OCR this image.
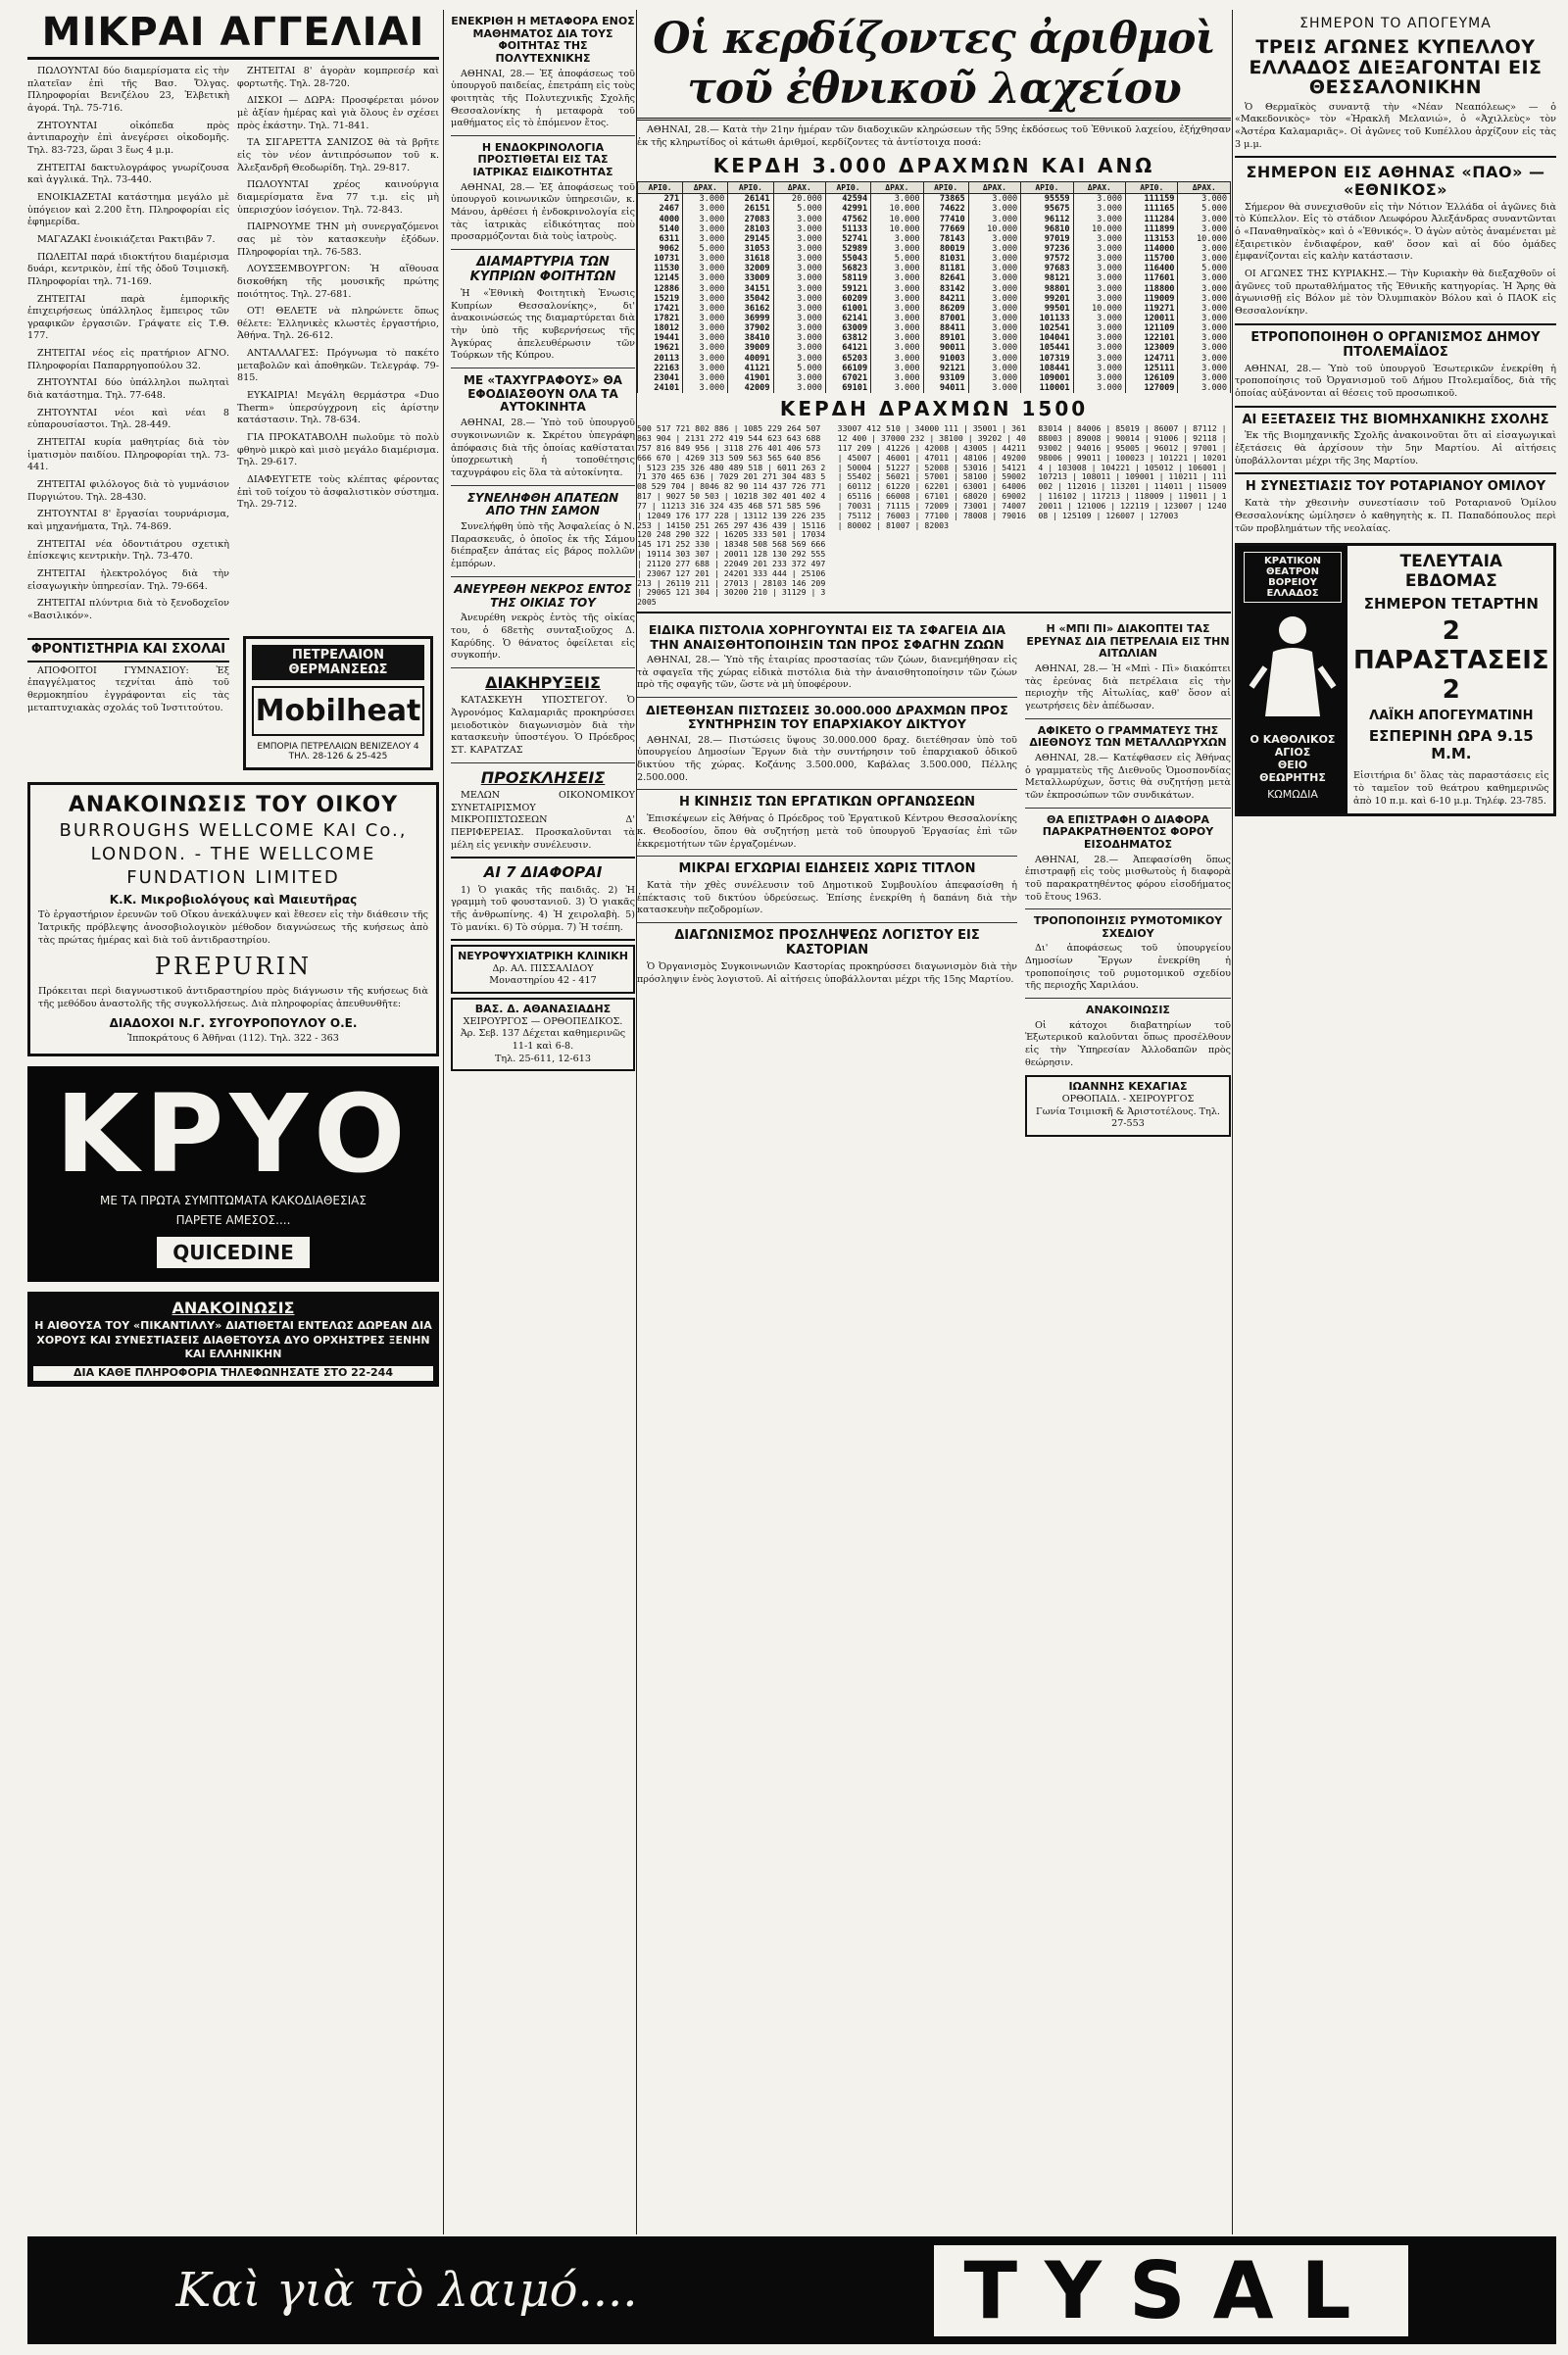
ΜΙΚΡΑΙ ΑΓΓΕΛΙΑΙ
ΠΩΛΟΥΝΤΑΙ δύο διαμερίσματα εἰς τὴν πλατεῖαν ἐπὶ τῆς Βασ. Ὄλγας. Πληροφορίαι Βενιζέλου 23, Ἑλβετικὴ ἀγορά. Τηλ. 75-716.
ΖΗΤΟΥΝΤΑΙ οἰκόπεδα πρὸς ἀντιπαροχὴν ἐπὶ ἀνεγέρσει οἰκοδομῆς. Τηλ. 83-723, ὥραι 3 ἕως 4 μ.μ.
ΖΗΤΕΙΤΑΙ δακτυλογράφος γνωρίζουσα καὶ ἀγγλικά. Τηλ. 73-440.
ΕΝΟΙΚΙΑΖΕΤΑΙ κατάστημα μεγάλο μὲ ὑπόγειον καὶ 2.200 ἔτη. Πληροφορίαι εἰς ἐφημερίδα.
ΜΑΓΑΖΑΚΙ ἐνοικιάζεται Ρακτιβᾶν 7.
ΠΩΛΕΙΤΑΙ παρά ιδιοκτήτου διαμέρισμα δυάρι, κεντρικὸν, ἐπί τῆς ὁδοῦ Τσιμισκῆ. Πληροφορίαι τηλ. 71-169.
ΖΗΤΕΙΤΑΙ παρὰ ἐμπορικῆς ἐπιχειρήσεως ὑπάλληλος ἔμπειρος τῶν γραφικῶν ἐργασιῶν. Γράψατε εἰς Τ.Θ. 177.
ΖΗΤΕΙΤΑΙ νέος εἰς πρατήριον ΑΓΝΟ. Πληροφορίαι Παπαρρηγοπούλου 32.
ΖΗΤΟΥΝΤΑΙ δύο ὑπάλληλοι πωληταὶ διὰ κατάστημα. Τηλ. 77-648.
ΖΗΤΟΥΝΤΑΙ νέοι καὶ νέαι 8 εὐπαρουσίαστοι. Τηλ. 28-449.
ΖΗΤΕΙΤΑΙ κυρία μαθητρίας διὰ τὸν ἱματισμὸν παιδίου. Πληροφορίαι τηλ. 73-441.
ΖΗΤΕΙΤΑΙ φιλόλογος διὰ τὸ γυμνάσιον Πυργιώτου. Τηλ. 28-430.
ΖΗΤΟΥΝΤΑΙ 8' ἔργασίαι τουρνάρισμα, καὶ μηχανήματα, Τηλ. 74-869.
ΖΗΤΕΙΤΑΙ νέα ὁδοντιάτρου σχετικὴ ἐπίσκεψις κεντρικὴν. Τηλ. 73-470.
ΖΗΤΕΙΤΑΙ ἠλεκτρολόγος διὰ τὴν εἰσαγωγικὴν ὑπηρεσίαν. Τηλ. 79-664.
ΖΗΤΕΙΤΑΙ πλύντρια διὰ τὸ ξενοδοχεῖον «Βασιλικόν».
ΖΗΤΕΙΤΑΙ 8' ἀγορὰν κομπρεσέρ καὶ φορτωτῆς. Τηλ. 28-720.
ΔΙΣΚΟΙ — ΔΩΡΑ: Προσφέρεται μόνον μὲ ἀξίαν ἡμέρας καὶ γιὰ ὅλους ἐν σχέσει πρὸς ἑκάστην. Τηλ. 71-841.
ΤΑ ΣΙΓΑΡΕΤΤΑ ΣΑΝΙΖΟΣ θὰ τὰ βρῆτε εἰς τὸν νέον ἀντιπρόσωπον τοῦ κ. Ἀλεξανδρῆ Θεοδωρίδη. Τηλ. 29-817.
ΠΩΛΟΥΝΤΑΙ χρέος καινούργια διαμερίσματα ἕνα 77 τ.μ. εἰς μὴ ὑπερισχύον ἰσόγειον. Τηλ. 72-843.
ΠΑΙΡΝΟΥΜΕ ΤΗΝ μὴ συνεργαζόμενοι σας μὲ τὸν κατασκευὴν ἐξόδων. Πληροφορίαι τηλ. 76-583.
ΛΟΥΣΞΕΜΒΟΥΡΓΟΝ: Ἡ αἴθουσα δισκοθήκη τῆς μουσικῆς πρώτης ποιότητος. Τηλ. 27-681.
ΟΤ! ΘΕΛΕΤΕ νὰ πληρώνετε ὅπως θέλετε: Ἑλληνικὲς κλωστὲς ἐργαστήριο, Ἀθήνα. Τηλ. 26-612.
ΑΝΤΑΛΛΑΓΕΣ: Πρόγνωμα τὸ πακέτο μεταβολῶν καὶ ἀποθηκῶν. Τελεγράφ. 79-815.
ΕΥΚΑΙΡΙΑ! Μεγάλη θερμάστρα «Duo Therm» ὑπερσύγχρονη εἰς ἀρίστην κατάστασιν. Τηλ. 78-634.
ΓΙΑ ΠΡΟΚΑΤΑΒΟΛΗ πωλοῦμε τὸ πολὺ φθηνὸ μικρὸ καὶ μισὸ μεγάλο διαμέρισμα. Τηλ. 29-617.
ΔΙΑΦΕΥΓΕΤΕ τοὺς κλέπτας φέροντας ἐπὶ τοῦ τοίχου τὸ ἀσφαλιστικὸν σύστημα. Τηλ. 29-712.
ΦΡΟΝΤΙΣΤΗΡΙΑ ΚΑΙ ΣΧΟΛΑΙ
ΑΠΟΦΟΙΤΟΙ ΓΥΜΝΑΣΙΟΥ: Ἐξ ἐπαγγέλματος τεχνίται ἀπὸ τοῦ θερμοκηπίου ἐγγράφονται εἰς τὰς μεταπτυχιακὰς σχολάς τοῦ Ἱνστιτούτου.
ΠΕΤΡΕΛΑΙΟΝ ΘΕΡΜΑΝΣΕΩΣ
Mobilheat
ΕΜΠΟΡΙΑ ΠΕΤΡΕΛΑΙΩΝ ΒΕΝΙΖΕΛΟΥ 4 ΤΗΛ. 28-126 & 25-425
ΑΝΑΚΟΙΝΩΣΙΣ ΤΟΥ ΟΙΚΟΥ
BURROUGHS WELLCOME ΚΑΙ Co.,
LONDON. - THE WELLCOME
FUNDATION LIMITED
Κ.Κ. Μικροβιολόγους καὶ Μαιευτῆρας
Τὸ ἐργαστήριον ἐρευνῶν τοῦ Οἴκου ἀνεκάλυψεν καὶ ἔθεσεν εἰς τὴν διάθεσιν τῆς Ἰατρικῆς πρόβλεψης ἀνοσοβιολογικὸν μέθοδον διαγνώσεως τῆς κυήσεως ἀπὸ τὰς πρώτας ἡμέρας καὶ διὰ τοῦ ἀντιδραστηρίου.
PREPURIN
Πρόκειται περὶ διαγνωστικοῦ ἀντιδραστηρίου πρὸς διάγνωσιν τῆς κυήσεως διὰ τῆς μεθόδου ἀναστολῆς τῆς συγκολλήσεως. Διὰ πληροφορίας ἀπευθυνθῆτε:
ΔΙΑΔΟΧΟΙ Ν.Γ. ΣΥΓΟΥΡΟΠΟΥΛΟΥ Ο.Ε.
Ἱπποκράτους 6 Ἀθῆναι (112). Τηλ. 322 - 363
ΚΡΥΟ
ΜΕ ΤΑ ΠΡΩΤΑ ΣΥΜΠΤΩΜΑΤΑ ΚΑΚΟΔΙΑΘΕΣΙΑΣ
ΠΑΡΕΤΕ ΑΜΕΣΟΣ....
QUICEDINE
ΑΝΑΚΟΙΝΩΣΙΣ
Η ΑΙΘΟΥΣΑ ΤΟΥ «ΠΙΚΑΝΤΙΛΛΥ» ΔΙΑΤΙΘΕΤΑΙ ΕΝΤΕΛΩΣ ΔΩΡΕΑΝ ΔΙΑ ΧΟΡΟΥΣ ΚΑΙ ΣΥΝΕΣΤΙΑΣΕΙΣ ΔΙΑΘΕΤΟΥΣΑ ΔΥΟ ΟΡΧΗΣΤΡΕΣ ΞΕΝΗΝ ΚΑΙ ΕΛΛΗΝΙΚΗΝ
ΔΙΑ ΚΑΘΕ ΠΛΗΡΟΦΟΡΙΑ ΤΗΛΕΦΩΝΗΣΑΤΕ ΣΤΟ 22-244
ΕΝΕΚΡΙΘΗ Η ΜΕΤΑΦΟΡΑ ΕΝΟΣ ΜΑΘΗΜΑΤΟΣ ΔΙΑ ΤΟΥΣ ΦΟΙΤΗΤΑΣ ΤΗΣ ΠΟΛΥΤΕΧΝΙΚΗΣ
ΑΘΗΝΑΙ, 28.— Ἐξ ἀποφάσεως τοῦ ὑπουργοῦ παιδείας, ἐπετράπη εἰς τοὺς φοιτητὰς τῆς Πολυτεχνικῆς Σχολῆς Θεσσαλονίκης ἡ μεταφορὰ τοῦ μαθήματος εἰς τὸ ἑπόμενον ἔτος.
Η ΕΝΔΟΚΡΙΝΟΛΟΓΙΑ ΠΡΟΣΤΙΘΕΤΑΙ ΕΙΣ ΤΑΣ ΙΑΤΡΙΚΑΣ ΕΙΔΙΚΟΤΗΤΑΣ
ΑΘΗΝΑΙ, 28.— Ἐξ ἀποφάσεως τοῦ ὑπουργοῦ κοινωνικῶν ὑπηρεσιῶν, κ. Μάνου, ἀρθέσει ἡ ἐνδοκρινολογία εἰς τὰς ἰατρικὰς εἰδικότητας ποὺ προσαρμόζονται διὰ τοὺς ἰατροὺς.
ΔΙΑΜΑΡΤΥΡΙΑ ΤΩΝ ΚΥΠΡΙΩΝ ΦΟΙΤΗΤΩΝ
Ἡ «Ἐθνικὴ Φοιτητικὴ Ἑνωσις Κυπρίων Θεσσαλονίκης», δι' ἀνακοινώσεώς της διαμαρτύρεται διὰ τὴν ὑπὸ τῆς κυβερνήσεως τῆς Ἀγκύρας ἀπελευθέρωσιν τῶν Τούρκων τῆς Κύπρου.
ΜΕ «ΤΑΧΥΓΡΑΦΟΥΣ» ΘΑ ΕΦΟΔΙΑΣΘΟΥΝ ΟΛΑ ΤΑ ΑΥΤΟΚΙΝΗΤΑ
ΑΘΗΝΑΙ, 28.— Ὑπὸ τοῦ ὑπουργοῦ συγκοινωνιῶν κ. Σκρέτου ὑπεγράφη ἀπόφασις διὰ τῆς ὁποίας καθίσταται ὑποχρεωτικὴ ἡ τοποθέτησις ταχυγράφου εἰς ὅλα τὰ αὐτοκίνητα.
ΣΥΝΕΛΗΦΘΗ ΑΠΑΤΕΩΝ ΑΠΟ ΤΗΝ ΣΑΜΟΝ
Συνελήφθη ὑπὸ τῆς Ἀσφαλείας ὁ Ν. Παρασκευᾶς, ὁ ὁποῖος ἐκ τῆς Σάμου διέπραξεν ἀπάτας εἰς βάρος πολλῶν ἐμπόρων.
ΑΝΕΥΡΕΘΗ ΝΕΚΡΟΣ ΕΝΤΟΣ ΤΗΣ ΟΙΚΙΑΣ ΤΟΥ
Ἀνευρέθη νεκρὸς ἐντὸς τῆς οἰκίας του, ὁ 68ετὴς συνταξιοῦχος Δ. Καρύδης. Ὁ θάνατος ὀφείλεται εἰς συγκοπήν.
ΔΙΑΚΗΡΥΞΕΙΣ
ΚΑΤΑΣΚΕΥΗ ΥΠΟΣΤΕΓΟΥ. Ὁ Ἀγρονόμος Καλαμαριᾶς προκηρύσσει μειοδοτικὸν διαγωνισμὸν διὰ τὴν κατασκευὴν ὑποστέγου. Ὁ Πρόεδρος ΣΤ. ΚΑΡΑΤΖΑΣ
ΠΡΟΣΚΛΗΣΕΙΣ
ΜΕΛΩΝ ΟΙΚΟΝΟΜΙΚΟΥ ΣΥΝΕΤΑΙΡΙΣΜΟΥ ΜΙΚΡΟΠΙΣΤΩΣΕΩΝ Δ' ΠΕΡΙΦΕΡΕΙΑΣ. Προσκαλοῦνται τὰ μέλη εἰς γενικὴν συνέλευσιν.
ΑΙ 7 ΔΙΑΦΟΡΑΙ
1) Ὁ γιακᾶς τῆς παιδιᾶς. 2) Ἡ γραμμὴ τοῦ φουστανιοῦ. 3) Ὁ γιακᾶς τῆς ἀνθρωπίνης. 4) Ἡ χειρολαβὴ. 5) Τὸ μανίκι. 6) Τὸ σύρμα. 7) Ἡ τσέπη.
ΝΕΥΡΟΨΥΧΙΑΤΡΙΚΗ ΚΛΙΝΙΚΗ
Δρ. ΑΛ. ΠΙΣΣΑΛΙΔΟΥ
Μοναστηρίου 42 - 417
ΒΑΣ. Δ. ΑΘΑΝΑΣΙΑΔΗΣ
ΧΕΙΡΟΥΡΓΟΣ — ΟΡΘΟΠΕΔΙΚΟΣ. Ἀρ. Σεβ. 137 Δέχεται καθημερινῶς 11-1 καὶ 6-8.
Τηλ. 25-611, 12-613
Οἱ κερδίζοντες ἀριθμοὶ τοῦ ἐθνικοῦ λαχείου
ΑΘΗΝΑΙ, 28.— Κατὰ τὴν 21ην ἡμέραν τῶν διαδοχικῶν κληρώσεων τῆς 59ης ἐκδόσεως τοῦ Ἐθνικοῦ λαχείου, ἐξήχθησαν ἐκ τῆς κληρωτίδος οἱ κάτωθι ἀριθμοί, κερδίζοντες τὰ ἀντίστοιχα ποσά:
ΚΕΡΔΗ 3.000 ΔΡΑΧΜΩΝ ΚΑΙ ΑΝΩ
ΑΡΙΘ.	ΔΡΑΧ.	ΑΡΙΘ.	ΔΡΑΧ.	ΑΡΙΘ.	ΔΡΑΧ.	ΑΡΙΘ.	ΔΡΑΧ.	ΑΡΙΘ.	ΔΡΑΧ.	ΑΡΙΘ.	ΔΡΑΧ.
271	3.000	26141	20.000	42594	3.000	73865	3.000	95559	3.000	111159	3.000
2467	3.000	26151	5.000	42991	10.000	74622	3.000	95675	3.000	111165	5.000
4000	3.000	27083	3.000	47562	10.000	77410	3.000	96112	3.000	111284	3.000
5140	3.000	28103	3.000	51133	10.000	77669	10.000	96810	10.000	111899	3.000
6311	3.000	29145	3.000	52741	3.000	78143	3.000	97019	3.000	113153	10.000
9062	5.000	31053	3.000	52989	3.000	80019	3.000	97236	3.000	114000	3.000
10731	3.000	31618	3.000	55043	5.000	81031	3.000	97572	3.000	115700	3.000
11530	3.000	32009	3.000	56823	3.000	81181	3.000	97683	3.000	116400	5.000
12145	3.000	33009	3.000	58119	3.000	82641	3.000	98121	3.000	117601	3.000
12886	3.000	34151	3.000	59121	3.000	83142	3.000	98801	3.000	118800	3.000
15219	3.000	35042	3.000	60209	3.000	84211	3.000	99201	3.000	119009	3.000
17421	3.000	36162	3.000	61001	3.000	86209	3.000	99501	10.000	119271	3.000
17821	3.000	36999	3.000	62141	3.000	87001	3.000	101133	3.000	120011	3.000
18012	3.000	37902	3.000	63009	3.000	88411	3.000	102541	3.000	121109	3.000
19441	3.000	38410	3.000	63812	3.000	89101	3.000	104041	3.000	122101	3.000
19621	3.000	39009	3.000	64121	3.000	90011	3.000	105441	3.000	123009	3.000
20113	3.000	40091	3.000	65203	3.000	91003	3.000	107319	3.000	124711	3.000
22163	3.000	41121	5.000	66109	3.000	92121	3.000	108441	3.000	125111	3.000
23041	3.000	41901	3.000	67021	3.000	93109	3.000	109001	3.000	126109	3.000
24101	3.000	42009	3.000	69101	3.000	94011	3.000	110001	3.000	127009	3.000
ΚΕΡΔΗ ΔΡΑΧΜΩΝ 1500
500 517 721 802 886 | 1085 229 264 507 863 904 | 2131 272 419 544 623 643 688 757 816 849 956 | 3118 276 401 406 573 666 670 | 4269 313 509 563 565 640 856 | 5123 235 326 480 489 518 | 6011 263 271 370 465 636 | 7029 201 271 304 483 508 529 704 | 8046 82 90 114 437 726 771 817 | 9027 50 503 | 10218 302 401 402 477 | 11213 316 324 435 468 571 585 596 | 12049 176 177 228 | 13112 139 226 235 253 | 14150 251 265 297 436 439 | 15116 120 248 290 322 | 16205 333 501 | 17034 145 171 252 330 | 18348 508 568 569 666 | 19114 303 307 | 20011 128 130 292 555 | 21120 277 688 | 22049 201 233 372 497 | 23067 127 201 | 24201 333 444 | 25106 213 | 26119 211 | 27013 | 28103 146 209 | 29065 121 304 | 30200 210 | 31129 | 32005
33007 412 510 | 34000 111 | 35001 | 36112 400 | 37000 232 | 38100 | 39202 | 40117 209 | 41226 | 42008 | 43005 | 44211 | 45007 | 46001 | 47011 | 48106 | 49200 | 50004 | 51227 | 52008 | 53016 | 54121 | 55402 | 56021 | 57001 | 58100 | 59002 | 60112 | 61220 | 62201 | 63001 | 64006 | 65116 | 66008 | 67101 | 68020 | 69002 | 70031 | 71115 | 72009 | 73001 | 74007 | 75112 | 76003 | 77100 | 78008 | 79016 | 80002 | 81007 | 82003
83014 | 84006 | 85019 | 86007 | 87112 | 88003 | 89008 | 90014 | 91006 | 92118 | 93002 | 94016 | 95005 | 96012 | 97001 | 98006 | 99011 | 100023 | 101221 | 102014 | 103008 | 104221 | 105012 | 106001 | 107213 | 108011 | 109001 | 110211 | 111002 | 112016 | 113201 | 114011 | 115009 | 116102 | 117213 | 118009 | 119011 | 120011 | 121006 | 122119 | 123007 | 124008 | 125109 | 126007 | 127003
ΕΙΔΙΚΑ ΠΙΣΤΟΛΙΑ ΧΟΡΗΓΟΥΝΤΑΙ ΕΙΣ ΤΑ ΣΦΑΓΕΙΑ ΔΙΑ ΤΗΝ ΑΝΑΙΣΘΗΤΟΠΟΙΗΣΙΝ ΤΩΝ ΠΡΟΣ ΣΦΑΓΗΝ ΖΩΩΝ
ΑΘΗΝΑΙ, 28.— Ὑπὸ τῆς ἑταιρίας προστασίας τῶν ζώων, διανεμήθησαν εἰς τὰ σφαγεῖα τῆς χώρας εἰδικὰ πιστόλια διὰ τὴν ἀναισθητοποίησιν τῶν ζώων πρὸ τῆς σφαγῆς τῶν, ὥστε νὰ μὴ ὑποφέρουν.
ΔΙΕΤΕΘΗΣΑΝ ΠΙΣΤΩΣΕΙΣ 30.000.000 ΔΡΑΧΜΩΝ ΠΡΟΣ ΣΥΝΤΗΡΗΣΙΝ ΤΟΥ ΕΠΑΡΧΙΑΚΟΥ ΔΙΚΤΥΟΥ
ΑΘΗΝΑΙ, 28.— Πιστώσεις ὕψους 30.000.000 δραχ. διετέθησαν ὑπὸ τοῦ ὑπουργείου Δημοσίων Ἔργων διὰ τὴν συντήρησιν τοῦ ἐπαρχιακοῦ ὁδικοῦ δικτύου τῆς χώρας. Κοζάνης 3.500.000, Καβάλας 3.500.000, Πέλλης 2.500.000.
Η ΚΙΝΗΣΙΣ ΤΩΝ ΕΡΓΑΤΙΚΩΝ ΟΡΓΑΝΩΣΕΩΝ
Ἐπισκέψεων εἰς Ἀθήνας ὁ Πρόεδρος τοῦ Ἐργατικοῦ Κέντρου Θεσσαλονίκης κ. Θεοδοσίου, ὅπου θὰ συζητήσῃ μετὰ τοῦ ὑπουργοῦ Ἐργασίας ἐπὶ τῶν ἐκκρεμοτήτων τῶν ἐργαζομένων.
ΜΙΚΡΑΙ ΕΓΧΩΡΙΑΙ ΕΙΔΗΣΕΙΣ ΧΩΡΙΣ ΤΙΤΛΟΝ
Κατὰ τὴν χθὲς συνέλευσιν τοῦ Δημοτικοῦ Συμβουλίου ἀπεφασίσθη ἡ ἐπέκτασις τοῦ δικτύου ὑδρεύσεως. Ἐπίσης ἐνεκρίθη ἡ δαπάνη διὰ τὴν κατασκευὴν πεζοδρομίων.
ΔΙΑΓΩΝΙΣΜΟΣ ΠΡΟΣΛΗΨΕΩΣ ΛΟΓΙΣΤΟΥ ΕΙΣ ΚΑΣΤΟΡΙΑΝ
Ὁ Ὀργανισμὸς Συγκοινωνιῶν Καστορίας προκηρύσσει διαγωνισμὸν διὰ τὴν πρόσληψιν ἑνὸς λογιστοῦ. Αἱ αἰτήσεις ὑποβάλλονται μέχρι τῆς 15ης Μαρτίου.
Η «ΜΠΙ ΠΙ» ΔΙΑΚΟΠΤΕΙ ΤΑΣ ΕΡΕΥΝΑΣ ΔΙΑ ΠΕΤΡΕΛΑΙΑ ΕΙΣ ΤΗΝ ΑΙΤΩΛΙΑΝ
ΑΘΗΝΑΙ, 28.— Ἡ «Μπὶ - Πὶ» διακόπτει τὰς ἐρεύνας διὰ πετρέλαια εἰς τὴν περιοχὴν τῆς Αἰτωλίας, καθ' ὅσον αἱ γεωτρήσεις δὲν ἀπέδωσαν.
ΑΦΙΚΕΤΟ Ο ΓΡΑΜΜΑΤΕΥΣ ΤΗΣ ΔΙΕΘΝΟΥΣ ΤΩΝ ΜΕΤΑΛΛΩΡΥΧΩΝ
ΑΘΗΝΑΙ, 28.— Κατέφθασεν εἰς Ἀθήνας ὁ γραμματεὺς τῆς Διεθνοῦς Ὁμοσπονδίας Μεταλλωρύχων, ὅστις θὰ συζητήσῃ μετὰ τῶν ἐκπροσώπων τῶν συνδικάτων.
ΘΑ ΕΠΙΣΤΡΑΦΗ Ο ΔΙΑΦΟΡΑ ΠΑΡΑΚΡΑΤΗΘΕΝΤΟΣ ΦΟΡΟΥ ΕΙΣΟΔΗΜΑΤΟΣ
ΑΘΗΝΑΙ, 28.— Ἀπεφασίσθη ὅπως ἐπιστραφῇ εἰς τοὺς μισθωτοὺς ἡ διαφορὰ τοῦ παρακρατηθέντος φόρου εἰσοδήματος τοῦ ἔτους 1963.
ΤΡΟΠΟΠΟΙΗΣΙΣ ΡΥΜΟΤΟΜΙΚΟΥ ΣΧΕΔΙΟΥ
Δι' ἀποφάσεως τοῦ ὑπουργείου Δημοσίων Ἔργων ἐνεκρίθη ἡ τροποποίησις τοῦ ρυμοτομικοῦ σχεδίου τῆς περιοχῆς Χαριλάου.
ΑΝΑΚΟΙΝΩΣΙΣ
Οἱ κάτοχοι διαβατηρίων τοῦ Ἐξωτερικοῦ καλοῦνται ὅπως προσέλθουν εἰς τὴν Ὑπηρεσίαν Ἀλλοδαπῶν πρὸς θεώρησιν.
ΙΩΑΝΝΗΣ ΚΕΧΑΓΙΑΣ
ΟΡΘΟΠΑΙΔ. - ΧΕΙΡΟΥΡΓΟΣ
Γωνία Τσιμισκῆ & Ἀριστοτέλους. Τηλ. 27-553
ΣΗΜΕΡΟΝ ΤΟ ΑΠΟΓΕΥΜΑ
ΤΡΕΙΣ ΑΓΩΝΕΣ ΚΥΠΕΛΛΟΥ ΕΛΛΑΔΟΣ ΔΙΕΞΑΓΟΝΤΑΙ ΕΙΣ ΘΕΣΣΑΛΟΝΙΚΗΝ
Ὁ Θερμαϊκὸς συναντᾷ τὴν «Νέαν Νεαπόλεως» — ὁ «Μακεδονικὸς» τὸν «Ἠρακλῆ Μελανιώ», ὁ «Ἀχιλλεὺς» τὸν «Ἀστέρα Καλαμαριᾶς». Οἱ ἀγῶνες τοῦ Κυπέλλου ἀρχίζουν εἰς τὰς 3 μ.μ.
ΣΗΜΕΡΟΝ ΕΙΣ ΑΘΗΝΑΣ «ΠΑΟ» — «ΕΘΝΙΚΟΣ»
Σήμερον θὰ συνεχισθοῦν εἰς τὴν Νότιον Ἑλλάδα οἱ ἀγῶνες διὰ τὸ Κύπελλον. Εἰς τὸ στάδιον Λεωφόρου Ἀλεξάνδρας συναντῶνται ὁ «Παναθηναϊκὸς» καὶ ὁ «Ἐθνικός». Ὁ ἀγὼν αὐτὸς ἀναμένεται μὲ ἐξαιρετικὸν ἐνδιαφέρον, καθ' ὅσον καὶ αἱ δύο ὁμάδες ἐμφανίζονται εἰς καλὴν κατάστασιν.
ΟΙ ΑΓΩΝΕΣ ΤΗΣ ΚΥΡΙΑΚΗΣ.— Τὴν Κυριακὴν θὰ διεξαχθοῦν οἱ ἀγῶνες τοῦ πρωταθλήματος τῆς Ἐθνικῆς κατηγορίας. Ἡ Ἄρης θὰ ἀγωνισθῇ εἰς Βόλον μὲ τὸν Ὀλυμπιακὸν Βόλου καὶ ὁ ΠΑΟΚ εἰς Θεσσαλονίκην.
ΕΤΡΟΠΟΠΟΙΗΘΗ Ο ΟΡΓΑΝΙΣΜΟΣ ΔΗΜΟΥ ΠΤΟΛΕΜΑΪΔΟΣ
ΑΘΗΝΑΙ, 28.— Ὑπὸ τοῦ ὑπουργοῦ Ἐσωτερικῶν ἐνεκρίθη ἡ τροποποίησις τοῦ Ὀργανισμοῦ τοῦ Δήμου Πτολεμαΐδος, διὰ τῆς ὁποίας αὐξάνονται αἱ θέσεις τοῦ προσωπικοῦ.
ΑΙ ΕΞΕΤΑΣΕΙΣ ΤΗΣ ΒΙΟΜΗΧΑΝΙΚΗΣ ΣΧΟΛΗΣ
Ἐκ τῆς Βιομηχανικῆς Σχολῆς ἀνακοινοῦται ὅτι αἱ εἰσαγωγικαὶ ἐξετάσεις θὰ ἀρχίσουν τὴν 5ην Μαρτίου. Αἱ αἰτήσεις ὑποβάλλονται μέχρι τῆς 3ης Μαρτίου.
Η ΣΥΝΕΣΤΙΑΣΙΣ ΤΟΥ ΡΟΤΑΡΙΑΝΟΥ ΟΜΙΛΟΥ
Κατὰ τὴν χθεσινὴν συνεστίασιν τοῦ Ροταριανοῦ Ὁμίλου Θεσσαλονίκης ὡμίλησεν ὁ καθηγητὴς κ. Π. Παπαδόπουλος περὶ τῶν προβλημάτων τῆς νεολαίας.
ΚΡΑΤΙΚΟΝ ΘΕΑΤΡΟΝ ΒΟΡΕΙΟΥ ΕΛΛΑΔΟΣ
Ο ΚΑΘΟΛΙΚΟΣ ΑΓΙΟΣ
ΘΕΙΟ ΘΕΩΡΗΤΗΣ
ΚΩΜΩΔΙΑ
ΤΕΛΕΥΤΑΙΑ ΕΒΔΟΜΑΣ
ΣΗΜΕΡΟΝ ΤΕΤΑΡΤΗΝ
2 ΠΑΡΑΣΤΑΣΕΙΣ 2
ΛΑΪΚΗ ΑΠΟΓΕΥΜΑΤΙΝΗ
ΕΣΠΕΡΙΝΗ ΩΡΑ 9.15 Μ.Μ.
Εἰσιτήρια δι' ὅλας τὰς παραστάσεις εἰς τὸ ταμεῖον τοῦ θεάτρου καθημερινῶς ἀπὸ 10 π.μ. καὶ 6-10 μ.μ. Τηλέφ. 23-785.
Καὶ γιὰ τὸ λαιμό....	TYSAL
